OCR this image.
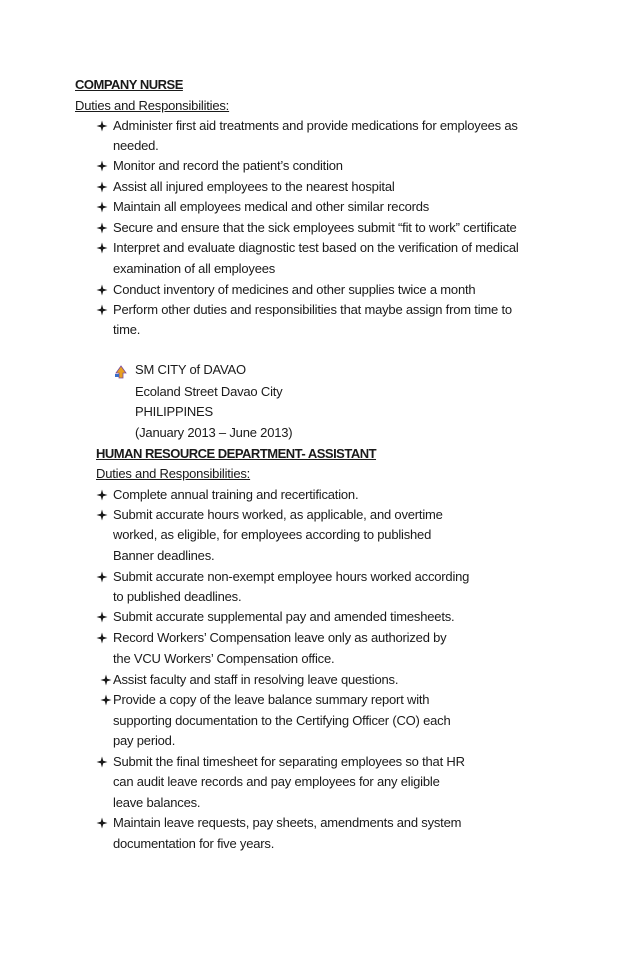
COMPANY NURSE
Duties and Responsibilities:
Administer first aid treatments and provide medications for employees as
needed.
Monitor and record the patient’s condition
Assist all injured employees to the nearest hospital
Maintain all employees medical and other similar records
Secure and ensure that the sick employees submit “fit to work” certificate
Interpret and evaluate diagnostic test based on the verification of medical
examination of all employees
Conduct inventory of medicines and other supplies twice a month
Perform other duties and responsibilities that maybe assign from time to
time.
SM CITY of DAVAO
Ecoland Street Davao City
PHILIPPINES
(January 2013 – June 2013)
HUMAN RESOURCE DEPARTMENT- ASSISTANT
Duties and Responsibilities:
Complete annual training and recertification.
Submit accurate hours worked, as applicable, and overtime
worked, as eligible, for employees according to published
Banner deadlines.
Submit accurate non-exempt employee hours worked according
to published deadlines.
Submit accurate supplemental pay and amended timesheets.
Record Workers’ Compensation leave only as authorized by
the VCU Workers’ Compensation office.
Assist faculty and staff in resolving leave questions.
Provide a copy of the leave balance summary report with
supporting documentation to the Certifying Officer (CO) each
pay period.
Submit the final timesheet for separating employees so that HR
can audit leave records and pay employees for any eligible
leave balances.
Maintain leave requests, pay sheets, amendments and system
documentation for five years.
